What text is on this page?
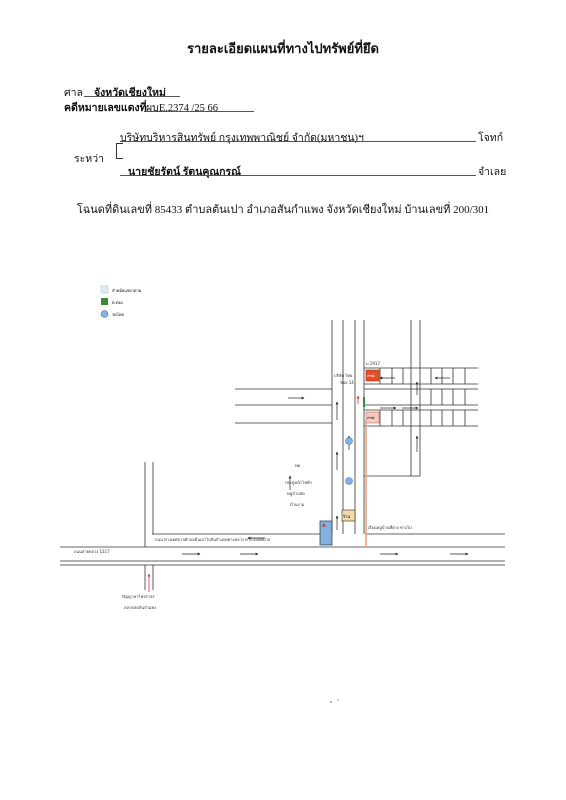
รายละเอียดแผนที่ทางไปทรัพย์ที่ยึด
ศาล จังหวัดเชียงใหม่
คดีหมายเลขแดงที่ ผบE.2374 /25 66
ระหว่า
บริษัทบริหารสินทรัพย์ กรุงเทพพาณิชย์ จำกัด(มหาชน)ฯ	โจทก์
นายชัยรัตน์ รัตนคุณกรณ์	จำเลย
โฉนดที่ดินเลขที่ 85433 ตำบลต้นเปา อำเภอสันกำแพง จังหวัดเชียงใหม่ บ้านเลขที่ 200/301
ลำหม้อแซ่งาคาม
ต.ทอง
รดโทย
ทรัพย์
ทรัพย์
▲
ร้าน
ถนนสายหลวง 1317
ถนน ทางเทศบาลตำบลต้นเปาไปสันกำแพงทางหลวง ทางไปเทศบาล
บริษัท ไทย
ซอย 14
บ.1917
ทด
ประตูหน้าไฟฟ้า
หมู่บ้านจัด
บ้านงาม
เรือนหมู่บ้านที่ต่าง ทางไป
ปัญญาหาไฟจราจร
ตลาดสดสันกำแพง
